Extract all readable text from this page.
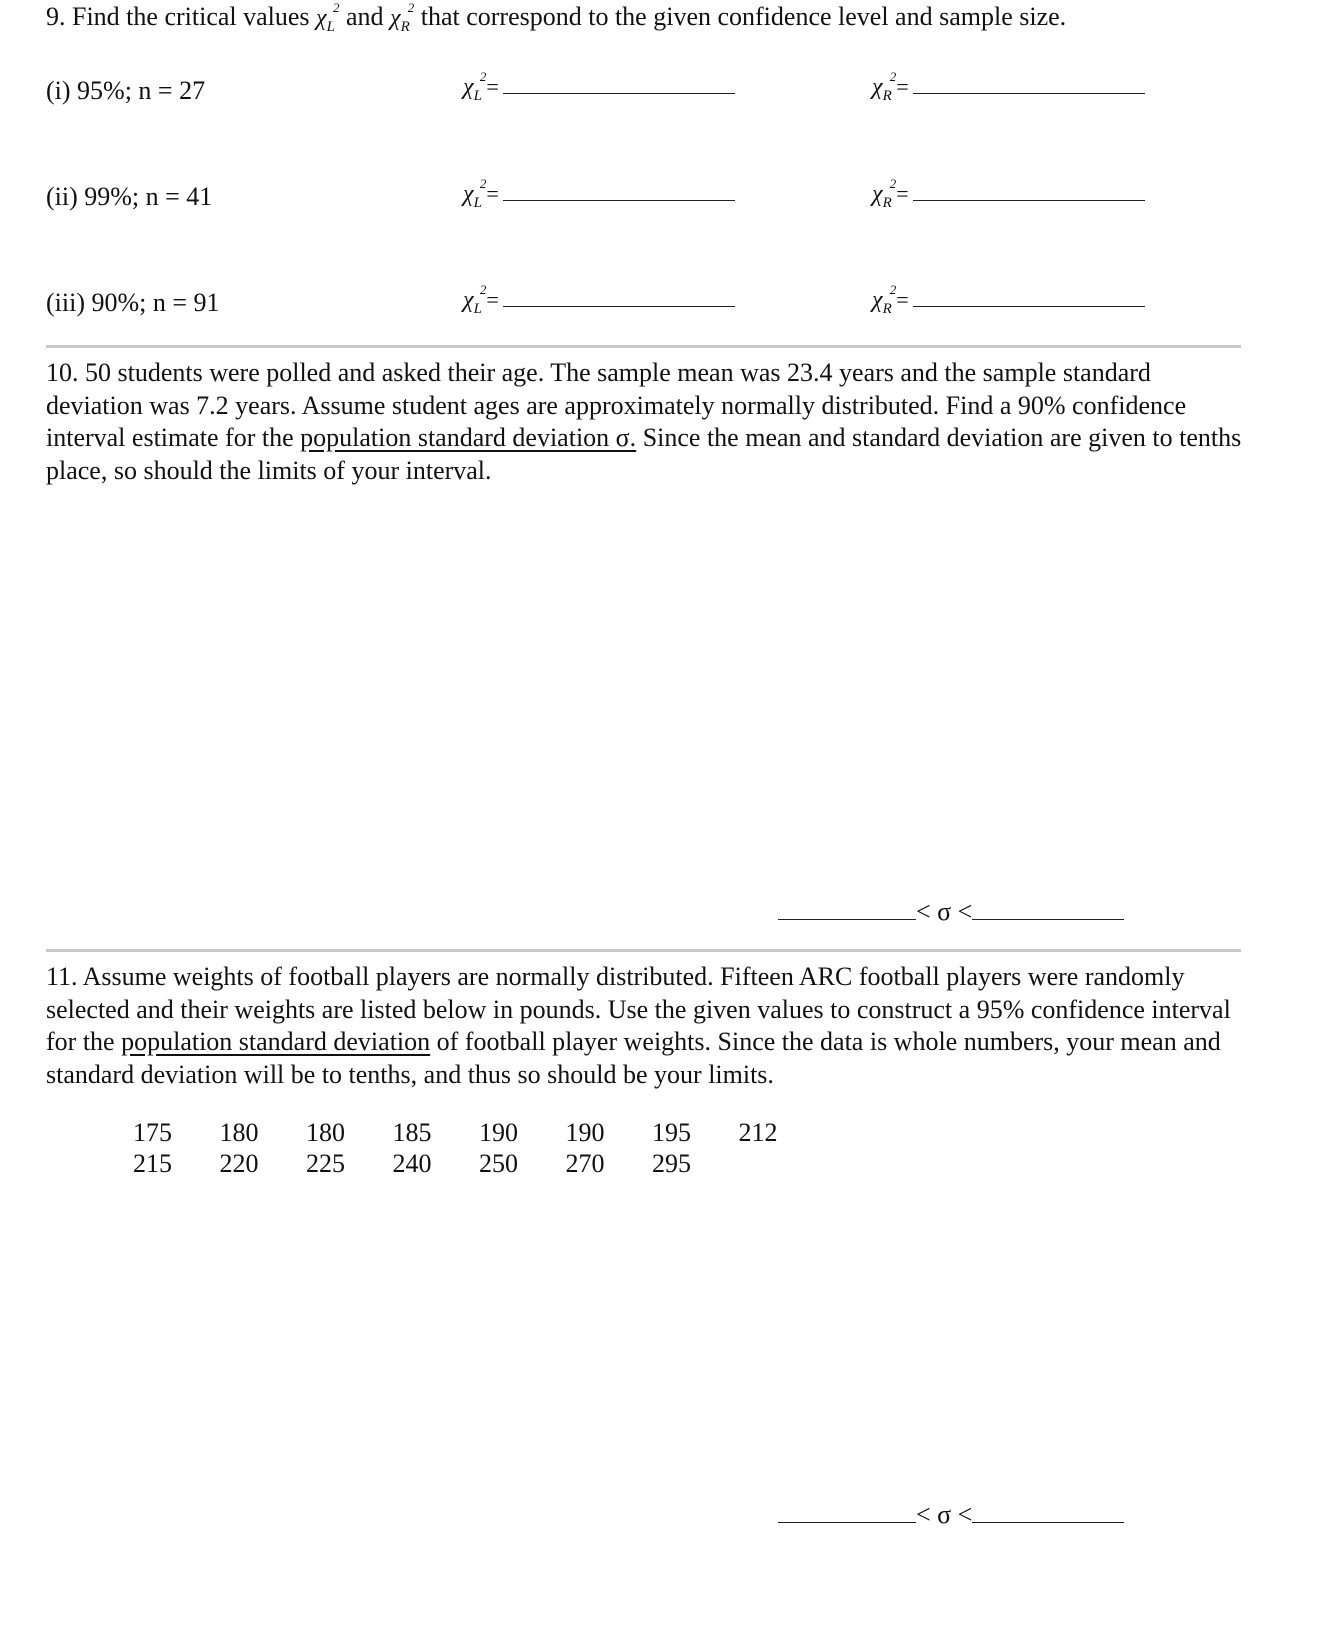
9. Find the critical values $\chi_L^2$ and $\chi_R^2$ that correspond to the given confidence level and sample size.
(i) 95%; n = 27	$\chi_L^2=$	$\chi_R^2=$
(ii) 99%; n = 41	$\chi_L^2=$	$\chi_R^2=$
(iii) 90%; n = 91	$\chi_L^2=$	$\chi_R^2=$
10. 50 students were polled and asked their age. The sample mean was 23.4 years and the sample standard deviation was 7.2 years. Assume student ages are approximately normally distributed. Find a 90% confidence interval estimate for the population standard deviation σ. Since the mean and standard deviation are given to tenths place, so should the limits of your interval.
< σ <
11. Assume weights of football players are normally distributed. Fifteen ARC football players were randomly selected and their weights are listed below in pounds. Use the given values to construct a 95% confidence interval for the population standard deviation of football player weights. Since the data is whole numbers, your mean and standard deviation will be to tenths, and thus so should be your limits.
175 180 180 185 190 190 195 212
215 220 225 240 250 270 295
< σ <
